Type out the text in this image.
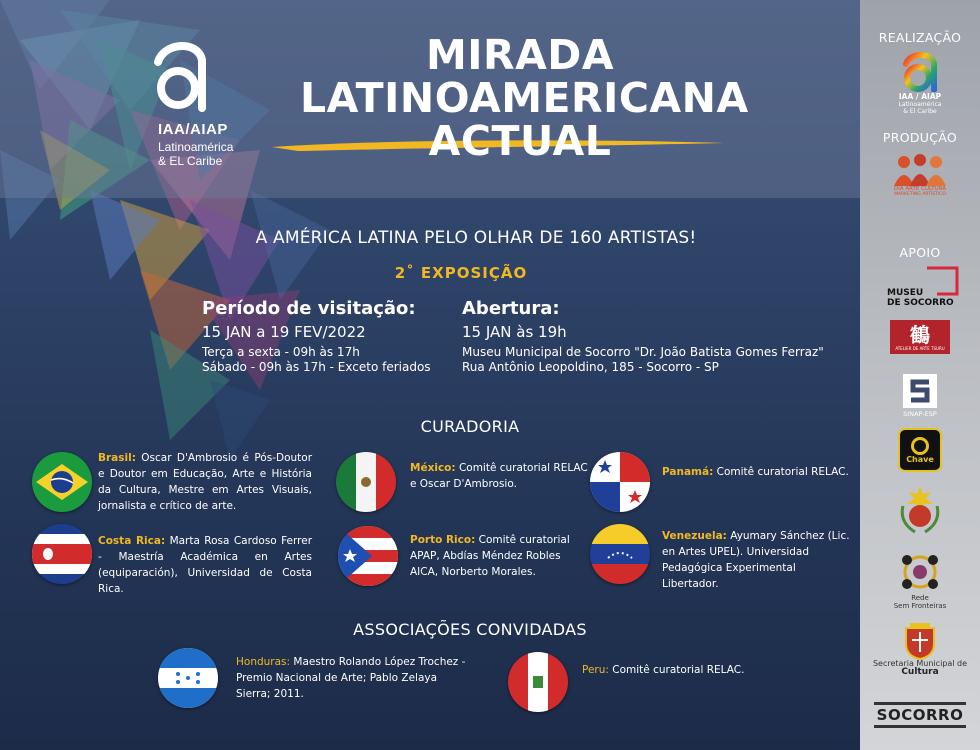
IAA/AIAP
Latinoamérica
& EL Caribe
MIRADA
LATINOAMERICANA
ACTUAL
A AMÉRICA LATINA PELO OLHAR DE 160 ARTISTAS!
2˚ EXPOSIÇÃO
Período de visitação:
15 JAN a 19 FEV/2022
Terça a sexta - 09h às 17h
Sábado - 09h às 17h - Exceto feriados
Abertura:
15 JAN às 19h
Museu Municipal de Socorro "Dr. João Batista Gomes Ferraz"
Rua Antônio Leopoldino, 185 - Socorro - SP
CURADORIA
Brasil: Oscar D'Ambrosio é Pós-Doutor e Doutor em Educação, Arte e História da Cultura, Mestre em Artes Visuais, jornalista e crítico de arte.
México: Comitê curatorial RELAC e Oscar D'Ambrosio.
Panamá: Comitê curatorial RELAC.
Costa Rica: Marta Rosa Cardoso Ferrer - Maestría Académica en Artes (equiparación), Universidad de Costa Rica.
Porto Rico: Comitê curatorial APAP, Abdías Méndez Robles AICA, Norberto Morales.
Venezuela: Ayumary Sánchez (Lic. en Artes UPEL). Universidad Pedagógica Experimental Libertador.
ASSOCIAÇÕES CONVIDADAS
Honduras: Maestro Rolando López Trochez - Premio Nacional de Arte; Pablo Zelaya Sierra; 2011.
Peru: Comitê curatorial RELAC.
REALIZAÇÃO
IAA / AIAP
Latinoamérica
& El Caribe
PRODUÇÃO
DIA ARTE CULTURA
MARKETING ARTÍSTICO
APOIO
MUSEU
DE SOCORRO
鶴
ATELIER DE ARTE TSURU
SINAP-ESP
Chave
Rede
Sem Fronteiras
Secretaria Municipal de
Cultura
SOCORRO
